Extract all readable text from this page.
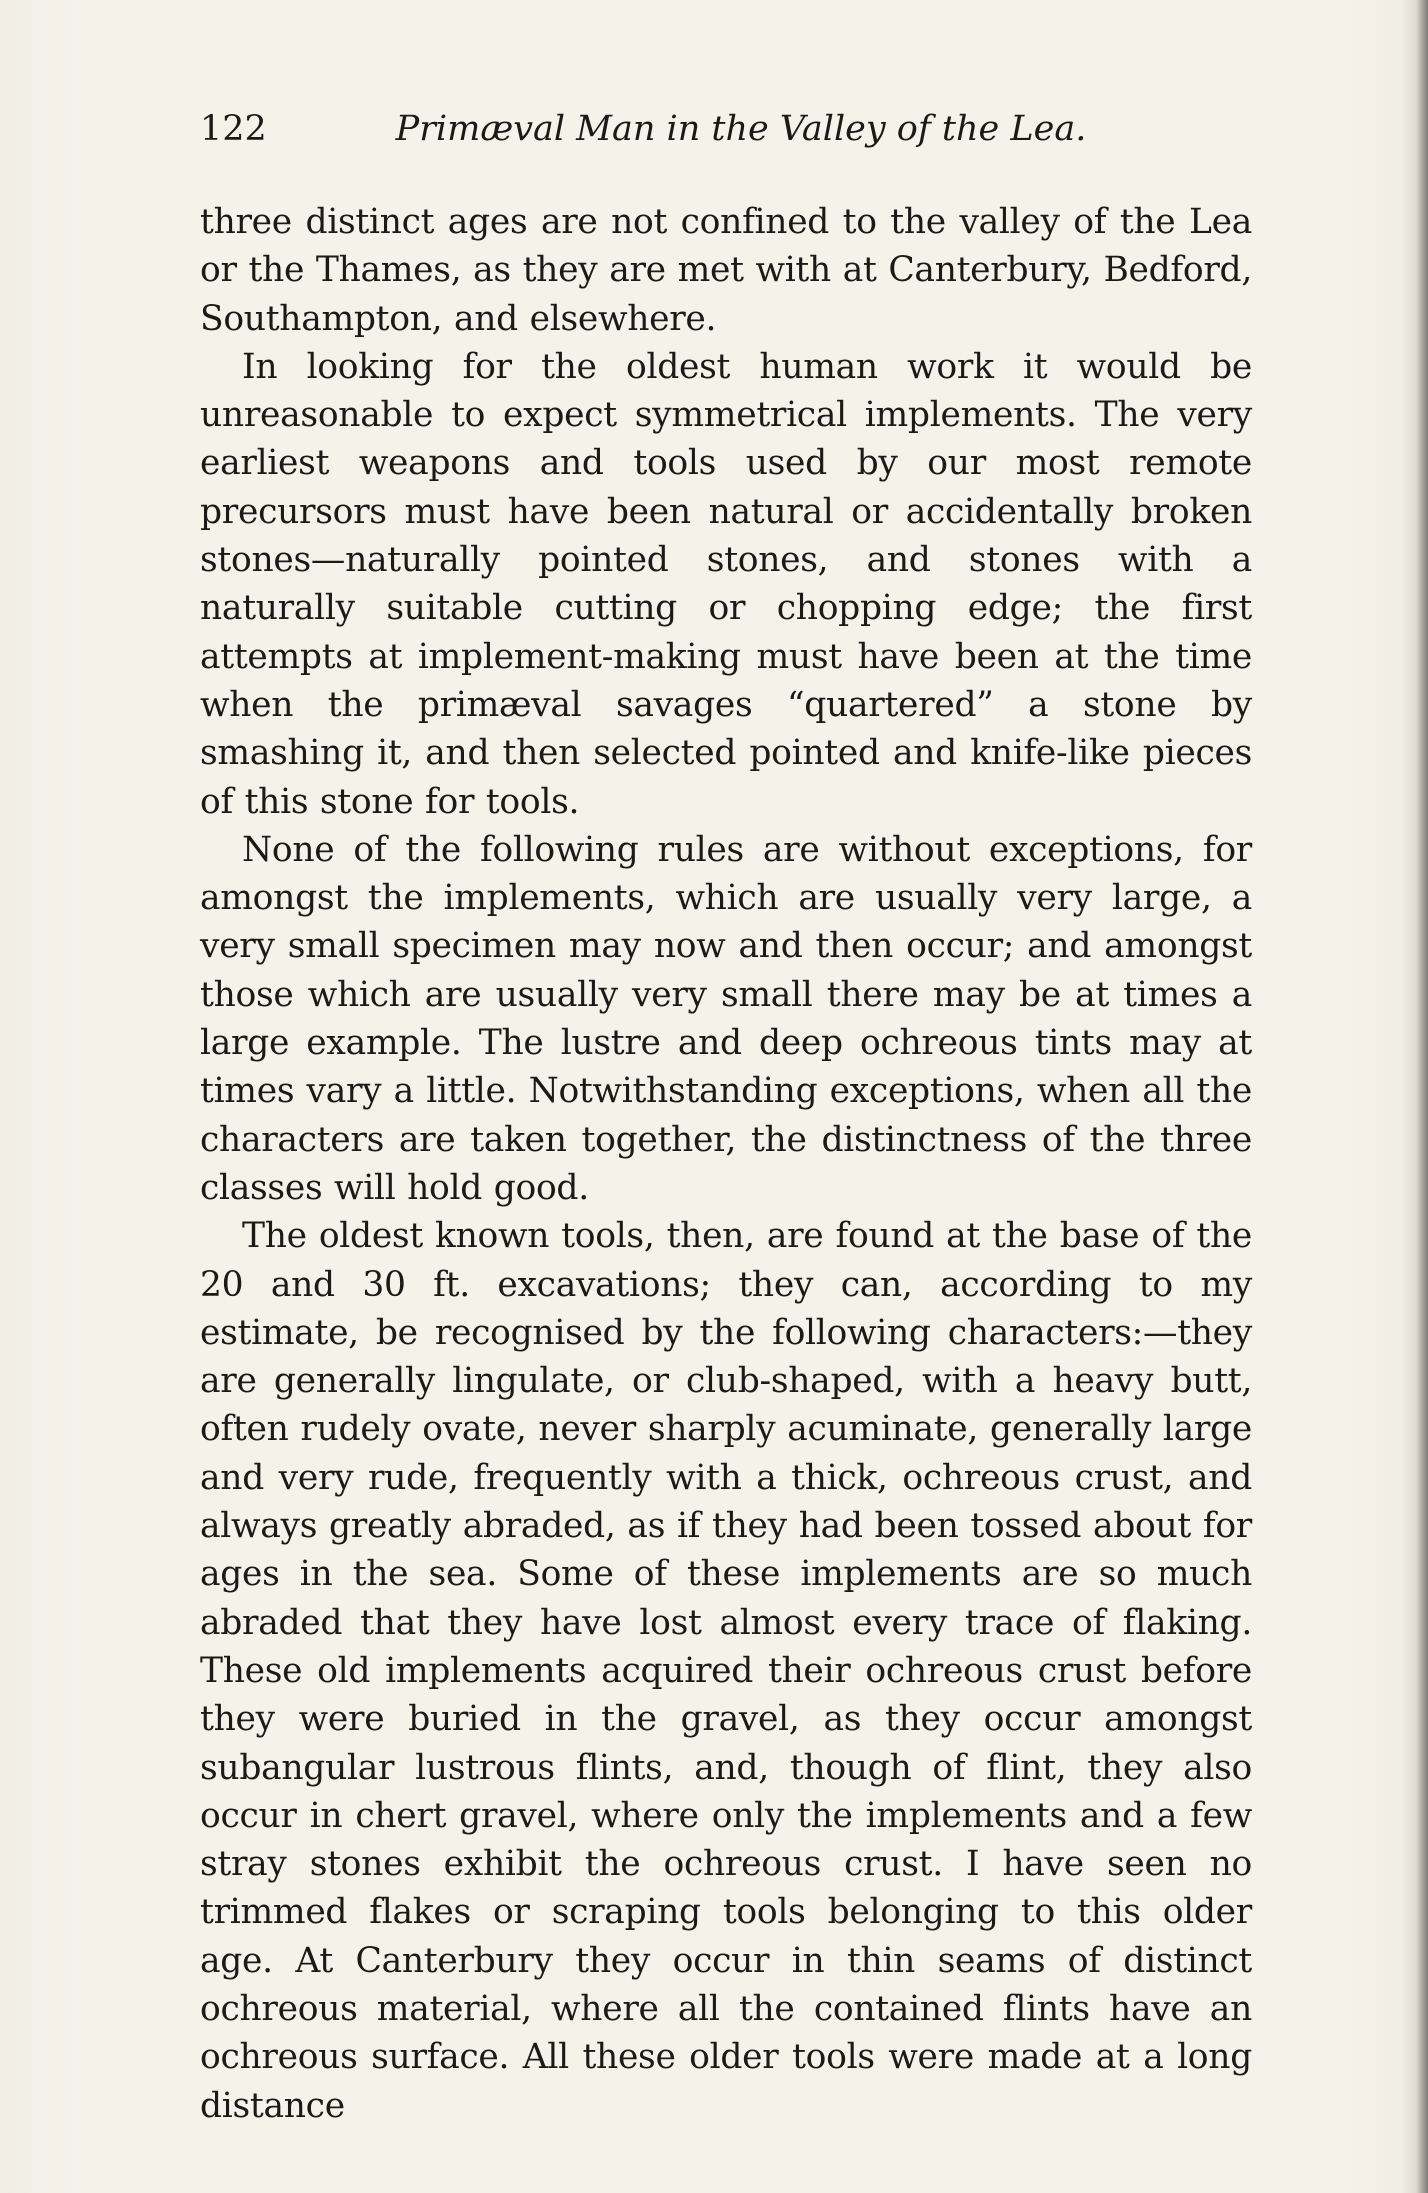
122	Primæval Man in the Valley of the Lea.

three distinct ages are not confined to the valley of the Lea or the Thames, as they are met with at Canterbury, Bedford, Southampton, and elsewhere.

In looking for the oldest human work it would be unreasonable to expect symmetrical implements. The very earliest weapons and tools used by our most remote precursors must have been natural or accidentally broken stones—naturally pointed stones, and stones with a naturally suitable cutting or chopping edge; the first attempts at implement-making must have been at the time when the primæval savages “quartered” a stone by smashing it, and then selected pointed and knife-like pieces of this stone for tools.

None of the following rules are without exceptions, for amongst the implements, which are usually very large, a very small specimen may now and then occur; and amongst those which are usually very small there may be at times a large example. The lustre and deep ochreous tints may at times vary a little. Notwithstanding exceptions, when all the characters are taken together, the distinctness of the three classes will hold good.

The oldest known tools, then, are found at the base of the 20 and 30 ft. excavations; they can, according to my estimate, be recognised by the following characters:—they are generally lingulate, or club-shaped, with a heavy butt, often rudely ovate, never sharply acuminate, generally large and very rude, frequently with a thick, ochreous crust, and always greatly abraded, as if they had been tossed about for ages in the sea. Some of these implements are so much abraded that they have lost almost every trace of flaking. These old implements acquired their ochreous crust before they were buried in the gravel, as they occur amongst subangular lustrous flints, and, though of flint, they also occur in chert gravel, where only the implements and a few stray stones exhibit the ochreous crust. I have seen no trimmed flakes or scraping tools belonging to this older age. At Canterbury they occur in thin seams of distinct ochreous material, where all the contained flints have an ochreous surface. All these older tools were made at a long distance
